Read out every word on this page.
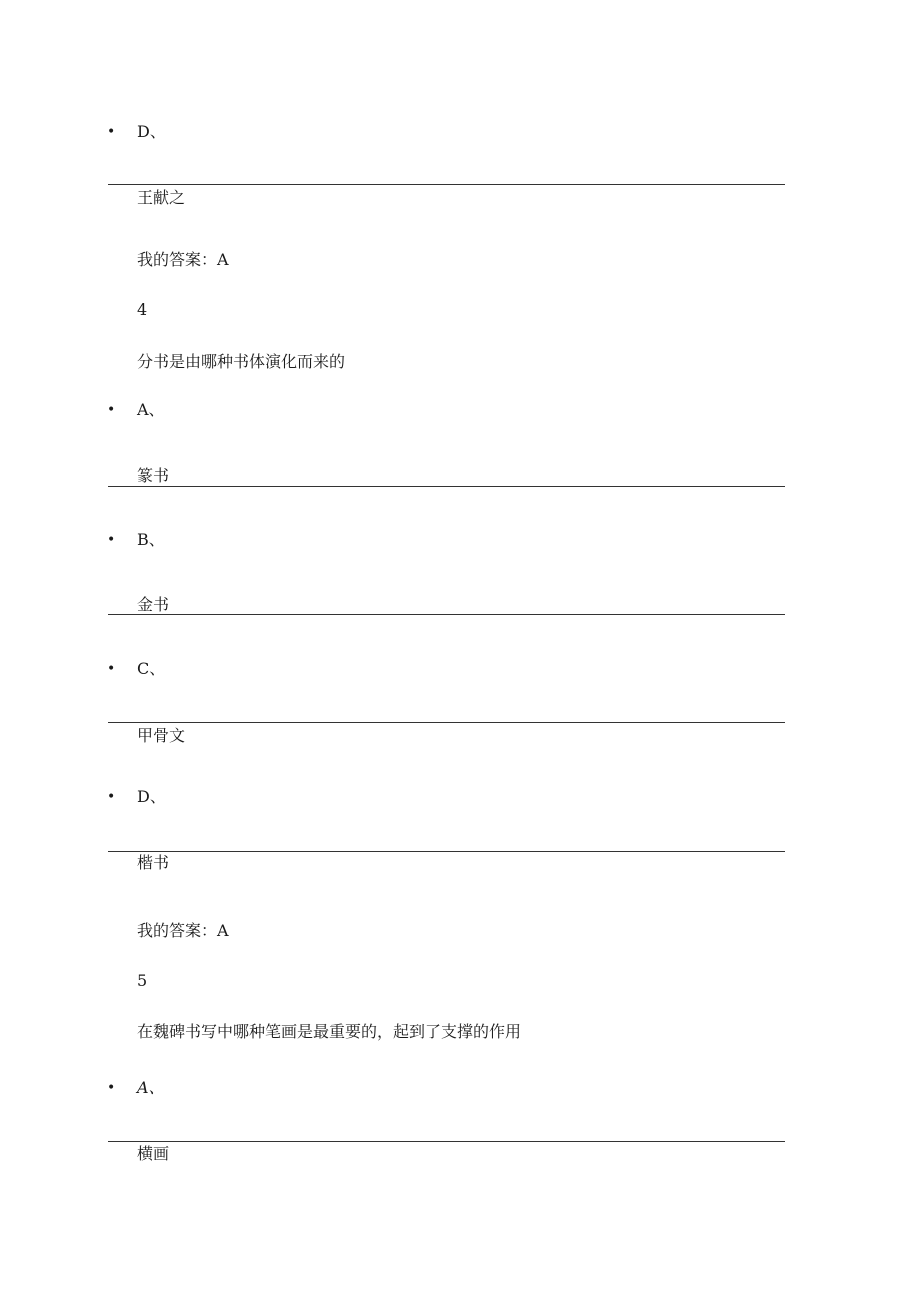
• D、
王献之
我的答案：A
4
分书是由哪种书体演化而来的
• A、
篆书
• B、
金书
• C、
甲骨文
• D、
楷书
我的答案：A
5
在魏碑书写中哪种笔画是最重要的，起到了支撑的作用
• A、
横画
